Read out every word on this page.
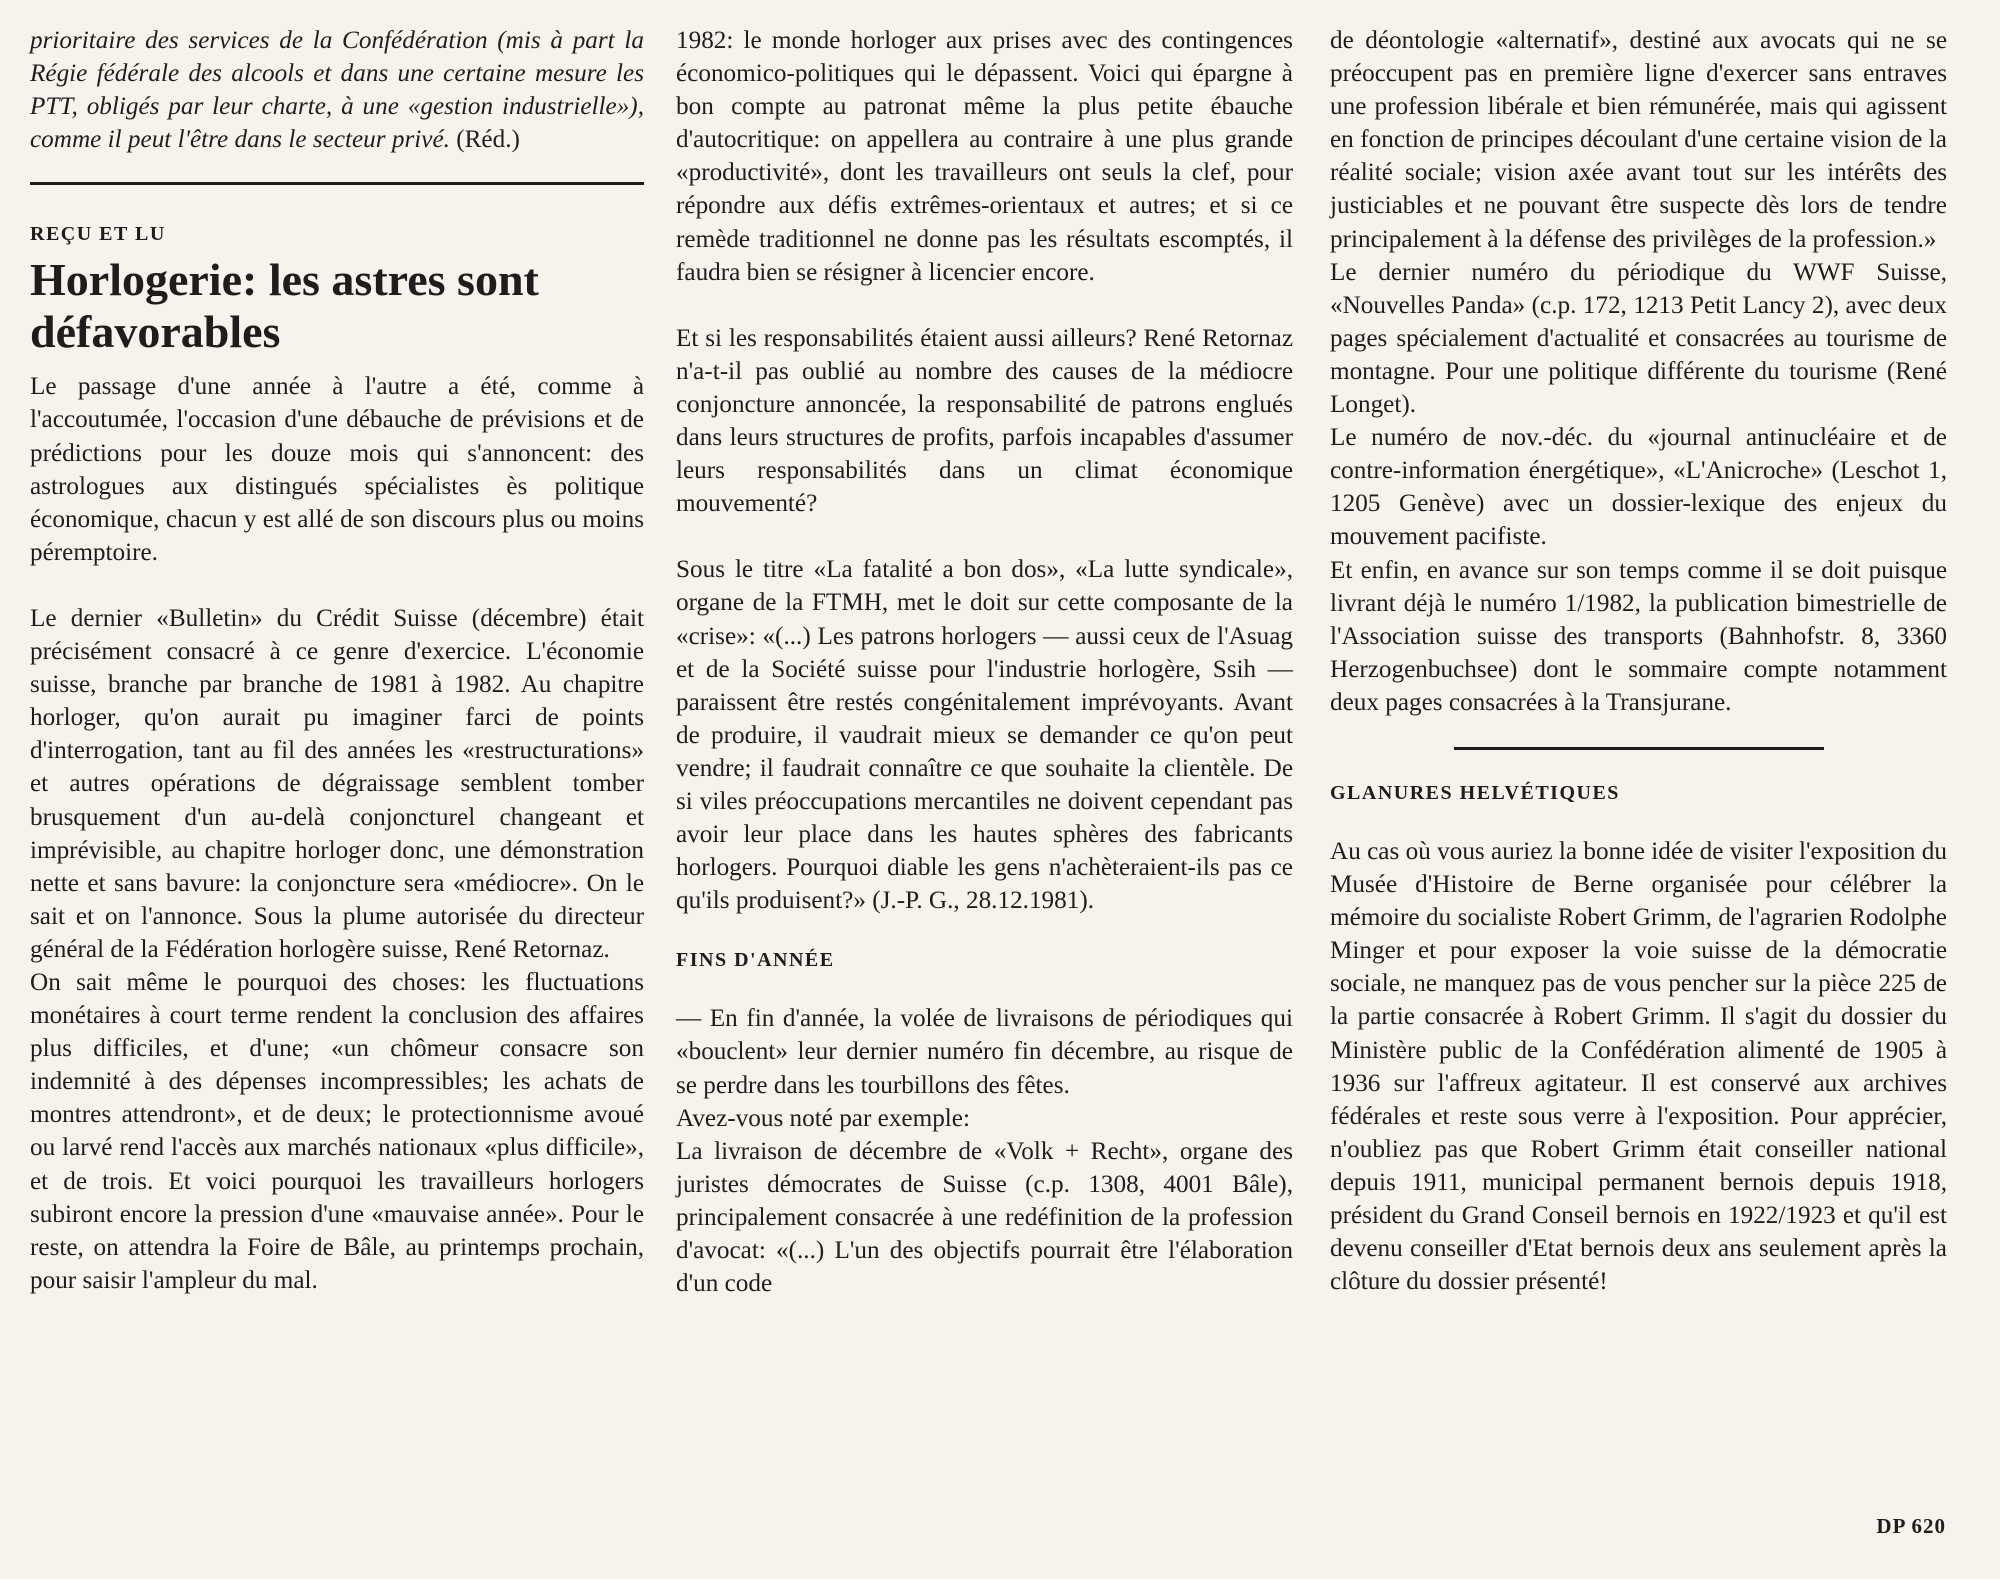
prioritaire des services de la Confédération (mis à part la Régie fédérale des alcools et dans une certaine mesure les PTT, obligés par leur charte, à une «gestion industrielle»), comme il peut l'être dans le secteur privé. (Réd.)

REÇU ET LU
Horlogerie: les astres sont défavorables

Le passage d'une année à l'autre a été, comme à l'accoutumée, l'occasion d'une débauche de prévisions et de prédictions pour les douze mois qui s'annoncent: des astrologues aux distingués spécialistes ès politique économique, chacun y est allé de son discours plus ou moins péremptoire.

Le dernier «Bulletin» du Crédit Suisse (décembre) était précisément consacré à ce genre d'exercice. L'économie suisse, branche par branche de 1981 à 1982. Au chapitre horloger, qu'on aurait pu imaginer farci de points d'interrogation, tant au fil des années les «restructurations» et autres opérations de dégraissage semblent tomber brusquement d'un au-delà conjoncturel changeant et imprévisible, au chapitre horloger donc, une démonstration nette et sans bavure: la conjoncture sera «médiocre». On le sait et on l'annonce. Sous la plume autorisée du directeur général de la Fédération horlogère suisse, René Retornaz.

On sait même le pourquoi des choses: les fluctuations monétaires à court terme rendent la conclusion des affaires plus difficiles, et d'une; «un chômeur consacre son indemnité à des dépenses incompressibles; les achats de montres attendront», et de deux; le protectionnisme avoué ou larvé rend l'accès aux marchés nationaux «plus difficile», et de trois. Et voici pourquoi les travailleurs horlogers subiront encore la pression d'une «mauvaise année». Pour le reste, on attendra la Foire de Bâle, au printemps prochain, pour saisir l'ampleur du mal.

1982: le monde horloger aux prises avec des contingences économico-politiques qui le dépassent. Voici qui épargne à bon compte au patronat même la plus petite ébauche d'autocritique: on appellera au contraire à une plus grande «productivité», dont les travailleurs ont seuls la clef, pour répondre aux défis extrêmes-orientaux et autres; et si ce remède traditionnel ne donne pas les résultats escomptés, il faudra bien se résigner à licencier encore.

Et si les responsabilités étaient aussi ailleurs? René Retornaz n'a-t-il pas oublié au nombre des causes de la médiocre conjoncture annoncée, la responsabilité de patrons englués dans leurs structures de profits, parfois incapables d'assumer leurs responsabilités dans un climat économique mouvementé?

Sous le titre «La fatalité a bon dos», «La lutte syndicale», organe de la FTMH, met le doit sur cette composante de la «crise»: «(...) Les patrons horlogers — aussi ceux de l'Asuag et de la Société suisse pour l'industrie horlogère, Ssih — paraissent être restés congénitalement imprévoyants. Avant de produire, il vaudrait mieux se demander ce qu'on peut vendre; il faudrait connaître ce que souhaite la clientèle. De si viles préoccupations mercantiles ne doivent cependant pas avoir leur place dans les hautes sphères des fabricants horlogers. Pourquoi diable les gens n'achèteraient-ils pas ce qu'ils produisent?» (J.-P. G., 28.12.1981).

FINS D'ANNÉE

— En fin d'année, la volée de livraisons de périodiques qui «bouclent» leur dernier numéro fin décembre, au risque de se perdre dans les tourbillons des fêtes.

Avez-vous noté par exemple:

La livraison de décembre de «Volk + Recht», organe des juristes démocrates de Suisse (c.p. 1308, 4001 Bâle), principalement consacrée à une redéfinition de la profession d'avocat: «(...) L'un des objectifs pourrait être l'élaboration d'un code

de déontologie «alternatif», destiné aux avocats qui ne se préoccupent pas en première ligne d'exercer sans entraves une profession libérale et bien rémunérée, mais qui agissent en fonction de principes découlant d'une certaine vision de la réalité sociale; vision axée avant tout sur les intérêts des justiciables et ne pouvant être suspecte dès lors de tendre principalement à la défense des privilèges de la profession.»

Le dernier numéro du périodique du WWF Suisse, «Nouvelles Panda» (c.p. 172, 1213 Petit Lancy 2), avec deux pages spécialement d'actualité et consacrées au tourisme de montagne. Pour une politique différente du tourisme (René Longet).

Le numéro de nov.-déc. du «journal antinucléaire et de contre-information énergétique», «L'Anicroche» (Leschot 1, 1205 Genève) avec un dossier-lexique des enjeux du mouvement pacifiste.

Et enfin, en avance sur son temps comme il se doit puisque livrant déjà le numéro 1/1982, la publication bimestrielle de l'Association suisse des transports (Bahnhofstr. 8, 3360 Herzogenbuchsee) dont le sommaire compte notamment deux pages consacrées à la Transjurane.

GLANURES HELVÉTIQUES

Au cas où vous auriez la bonne idée de visiter l'exposition du Musée d'Histoire de Berne organisée pour célébrer la mémoire du socialiste Robert Grimm, de l'agrarien Rodolphe Minger et pour exposer la voie suisse de la démocratie sociale, ne manquez pas de vous pencher sur la pièce 225 de la partie consacrée à Robert Grimm. Il s'agit du dossier du Ministère public de la Confédération alimenté de 1905 à 1936 sur l'affreux agitateur. Il est conservé aux archives fédérales et reste sous verre à l'exposition. Pour apprécier, n'oubliez pas que Robert Grimm était conseiller national depuis 1911, municipal permanent bernois depuis 1918, président du Grand Conseil bernois en 1922/1923 et qu'il est devenu conseiller d'Etat bernois deux ans seulement après la clôture du dossier présenté!

DP 620
